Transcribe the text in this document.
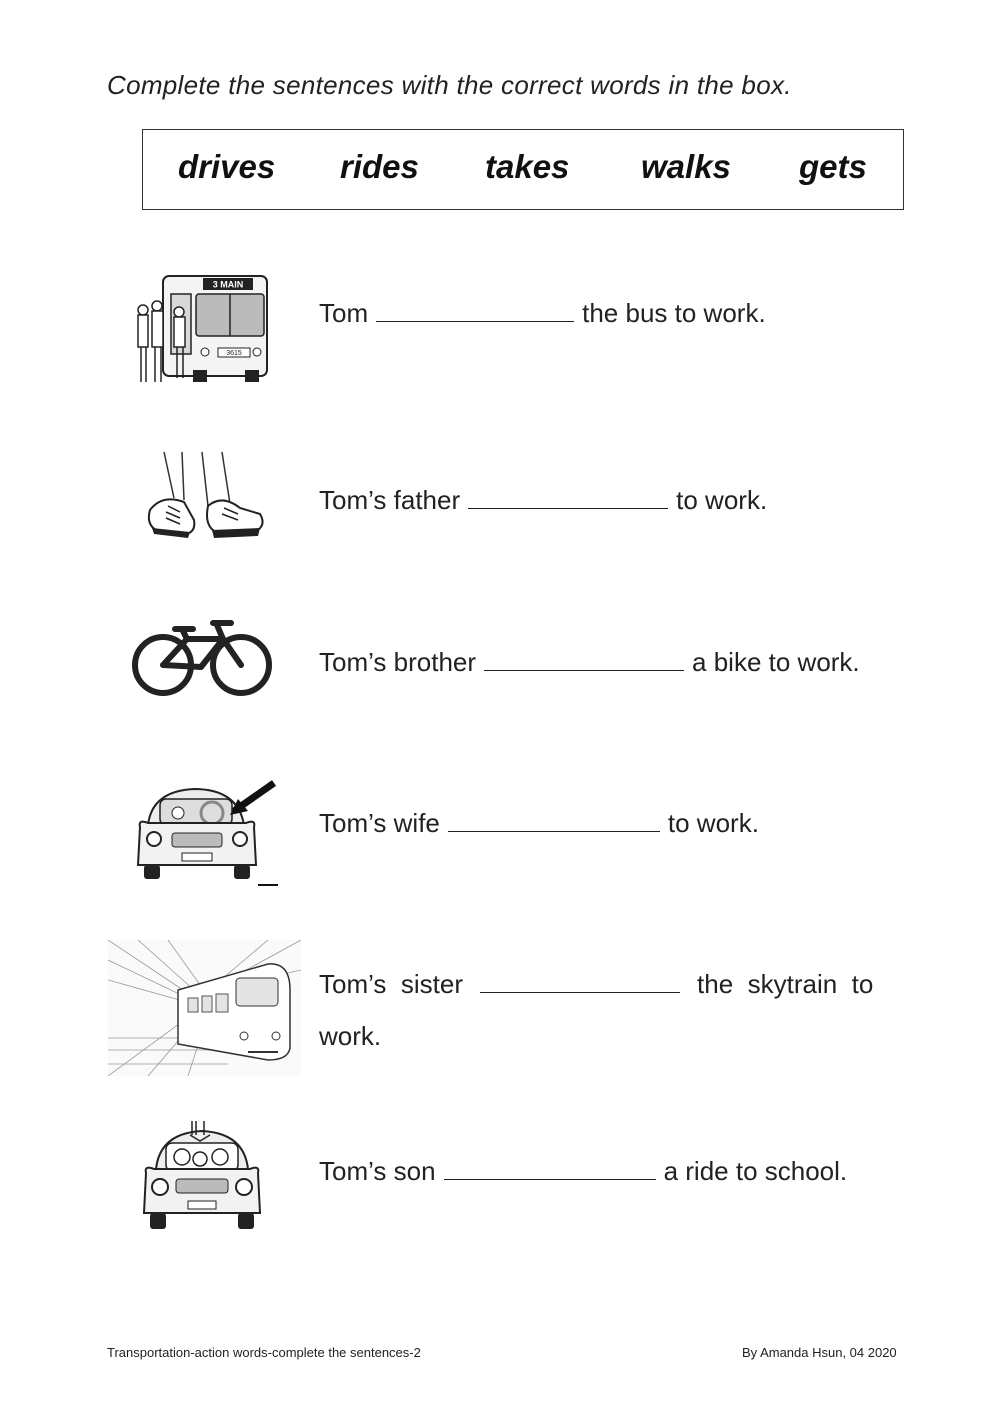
Complete the sentences with the correct words in the box.
drives rides takes walks gets
3 MAIN
3615
Tom	the bus to work.
Tom’s father	to work.
Tom’s brother	a bike to work.
Tom’s wife	to work.
Tom’s sister	the skytrain to
work.
Tom’s son	a ride to school.
Transportation-action words-complete the sentences-2	By Amanda Hsun, 04 2020
